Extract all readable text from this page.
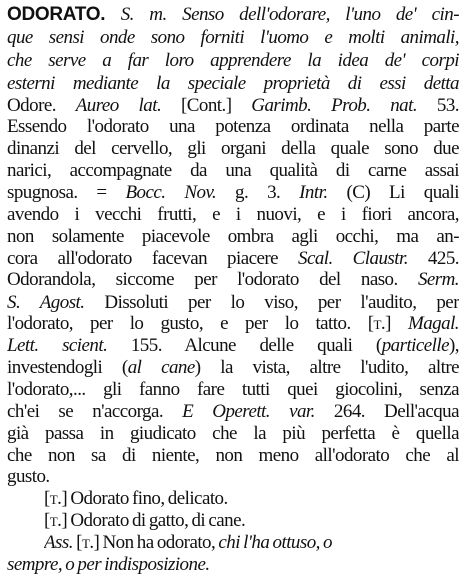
ODORATO. S. m. Senso dell'odorare, l'uno de' cin-
que sensi onde sono forniti l'uomo e molti animali,
che serve a far loro apprendere la idea de' corpi
esterni mediante la speciale proprietà di essi detta
Odore. Aureo lat. [Cont.] Garimb. Prob. nat. 53.
Essendo l'odorato una potenza ordinata nella parte
dinanzi del cervello, gli organi della quale sono due
narici, accompagnate da una qualità di carne assai
spugnosa. = Bocc. Nov. g. 3. Intr. (C) Li quali
avendo i vecchi frutti, e i nuovi, e i fiori ancora,
non solamente piacevole ombra agli occhi, ma an-
cora all'odorato facevan piacere Scal. Claustr. 425.
Odorandola, siccome per l'odorato del naso. Serm.
S. Agost. Dissoluti per lo viso, per l'audito, per
l'odorato, per lo gusto, e per lo tatto. [t.] Magal.
Lett. scient. 155. Alcune delle quali (particelle),
investendogli (al cane) la vista, altre l'udito, altre
l'odorato,... gli fanno fare tutti quei giocolini, senza
ch'ei se n'accorga. E Operett. var. 264. Dell'acqua
già passa in giudicato che la più perfetta è quella
che non sa di niente, non meno all'odorato che al
gusto.
[t.] Odorato fino, delicato.
[t.] Odorato di gatto, di cane.
Ass. [t.] Non ha odorato, chi l'ha ottuso, o
sempre, o per indisposizione.
